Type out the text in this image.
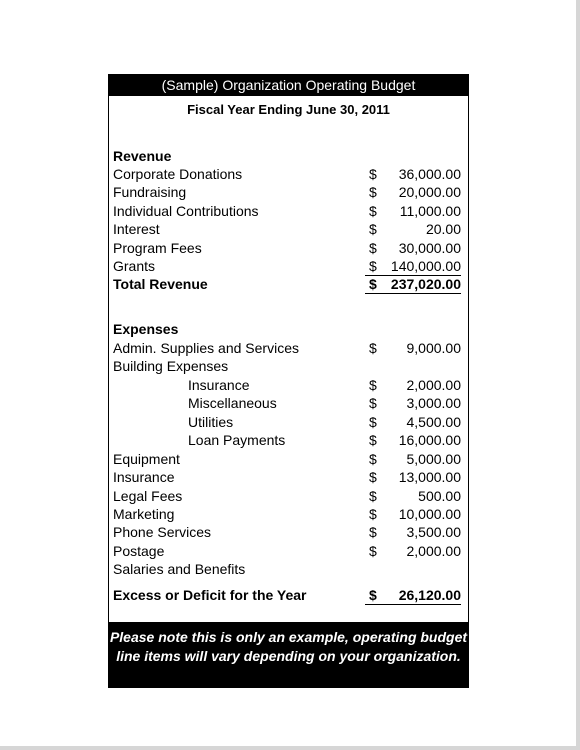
(Sample) Organization Operating Budget
Fiscal Year Ending June 30, 2011
Revenue
Corporate Donations	$ 36,000.00
Fundraising	$ 20,000.00
Individual Contributions	$ 11,000.00
Interest	$	20.00
Program Fees	$ 30,000.00
Grants	$ 140,000.00
Total Revenue	$ 237,020.00
Expenses
Admin. Supplies and Services	$ 9,000.00
Building Expenses
Insurance	$ 2,000.00
Miscellaneous	$ 3,000.00
Utilities	$ 4,500.00
Loan Payments	$ 16,000.00
Equipment	$ 5,000.00
Insurance	$ 13,000.00
Legal Fees	$	500.00
Marketing	$ 10,000.00
Phone Services	$ 3,500.00
Postage	$ 2,000.00
Salaries and Benefits
Excess or Deficit for the Year	$ 26,120.00
Please note this is only an example, operating budget line items will vary depending on your organization.
